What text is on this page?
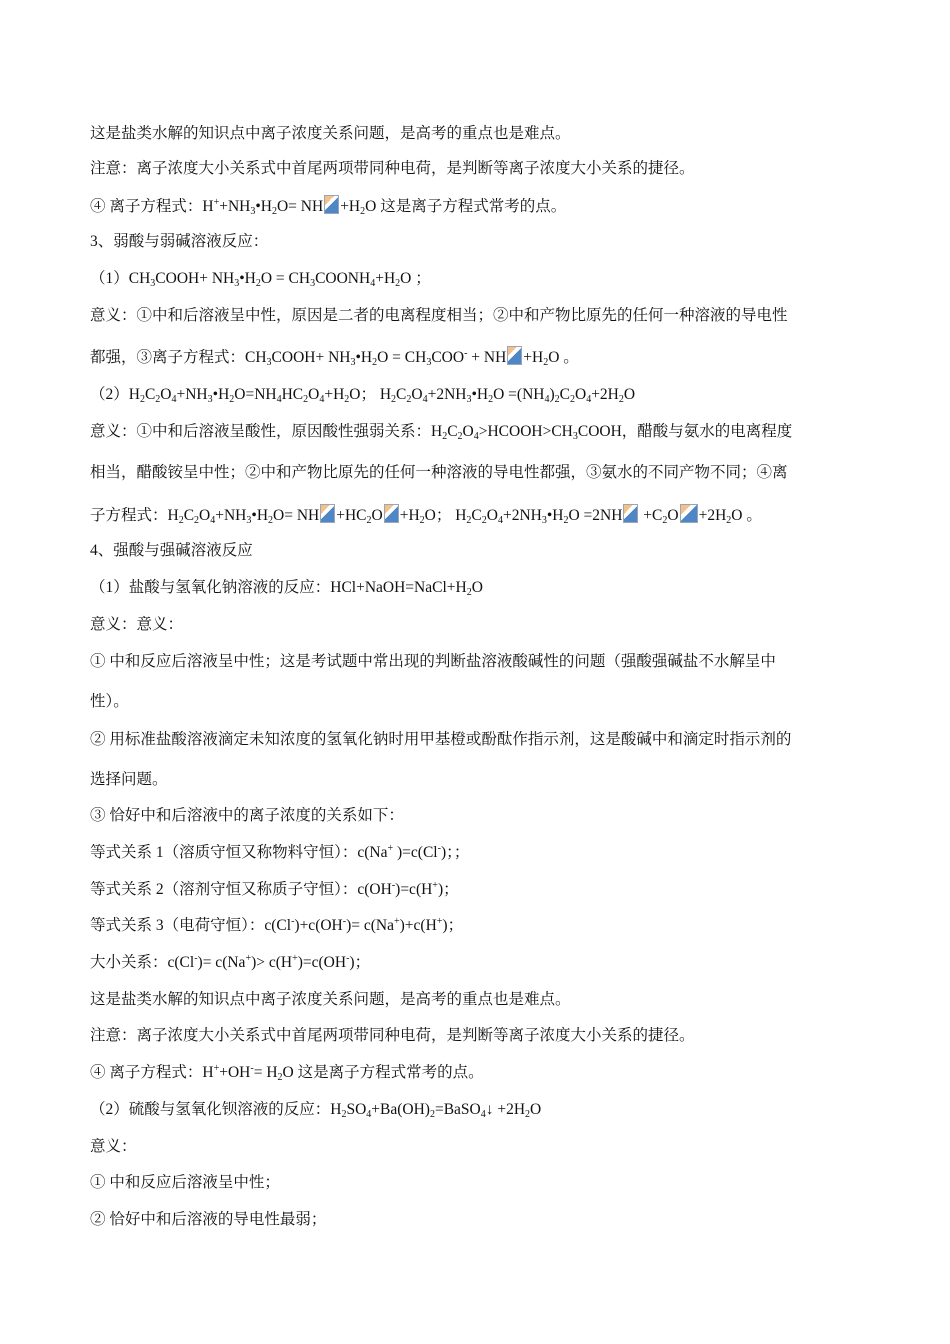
这是盐类水解的知识点中离子浓度关系问题，是高考的重点也是难点。
注意：离子浓度大小关系式中首尾两项带同种电荷，是判断等离子浓度大小关系的捷径。
④ 离子方程式：$H^++NH_3•H_2O=$ NH $+H_2O$ 这是离子方程式常考的点。
3、弱酸与弱碱溶液反应：
$(1)CH_3COOH+$ $NH_3•H_2O$ = $CH_3COONH_4+H_2O$ ；
意义：①中和后溶液呈中性，原因是二者的电离程度相当；②中和产物比原先的任何一种溶液的导电性
都强，③离子方程式：$CH_3COOH+$ $NH_3•H_2O = CH_3COO^-$ + NH $+H_2O$ 。
$(2)H_2C_2O_4+NH_3•H_2O=NH_4HC_2O_4+H_2O$； $H_2C_2O_4+2NH_3•H_2O =(NH_4)_2C_2O_4+2H_2O$
意义：①中和后溶液呈酸性，原因酸性强弱关系：$H_2C_2O_4>HCOOH>CH_3COOH$，醋酸与氨水的电离程度
相当，醋酸铵呈中性；②中和产物比原先的任何一种溶液的导电性都强，③氨水的不同产物不同；④离
子方程式：$H_2C_2O_4+NH_3•H_2O=$ NH $+HC_2O +H_2O$； $H_2C_2O_4+2NH_3•H_2O =2NH +C_2O +2H_2O$ 。
4、强酸与强碱溶液反应
（1）盐酸与氢氧化钠溶液的反应：$HCl+NaOH=NaCl+H_2O$
意义：意义：
① 中和反应后溶液呈中性；这是考试题中常出现的判断盐溶液酸碱性的问题（强酸强碱盐不水解呈中
性）。
② 用标准盐酸溶液滴定未知浓度的氢氧化钠时用甲基橙或酚酞作指示剂，这是酸碱中和滴定时指示剂的
选择问题。
③ 恰好中和后溶液中的离子浓度的关系如下：
等式关系 1（溶质守恒又称物料守恒）：c(Na+ )=c(Cl-)；；
等式关系 2（溶剂守恒又称质子守恒）：c(OH-)=c(H+)；
等式关系 3（电荷守恒）：c(Cl-)+c(OH-)= c(Na+)+c(H+)；
大小关系：c(Cl-)= c(Na+)> c(H+)=c(OH-)；
这是盐类水解的知识点中离子浓度关系问题，是高考的重点也是难点。
注意：离子浓度大小关系式中首尾两项带同种电荷，是判断等离子浓度大小关系的捷径。
④ 离子方程式：$H^++OH^-= H_2O$ 这是离子方程式常考的点。
（2）硫酸与氢氧化钡溶液的反应：$H_2SO_4+Ba(OH)_2=BaSO_4↓ +2H_2O$
意义：
① 中和反应后溶液呈中性；
② 恰好中和后溶液的导电性最弱；
